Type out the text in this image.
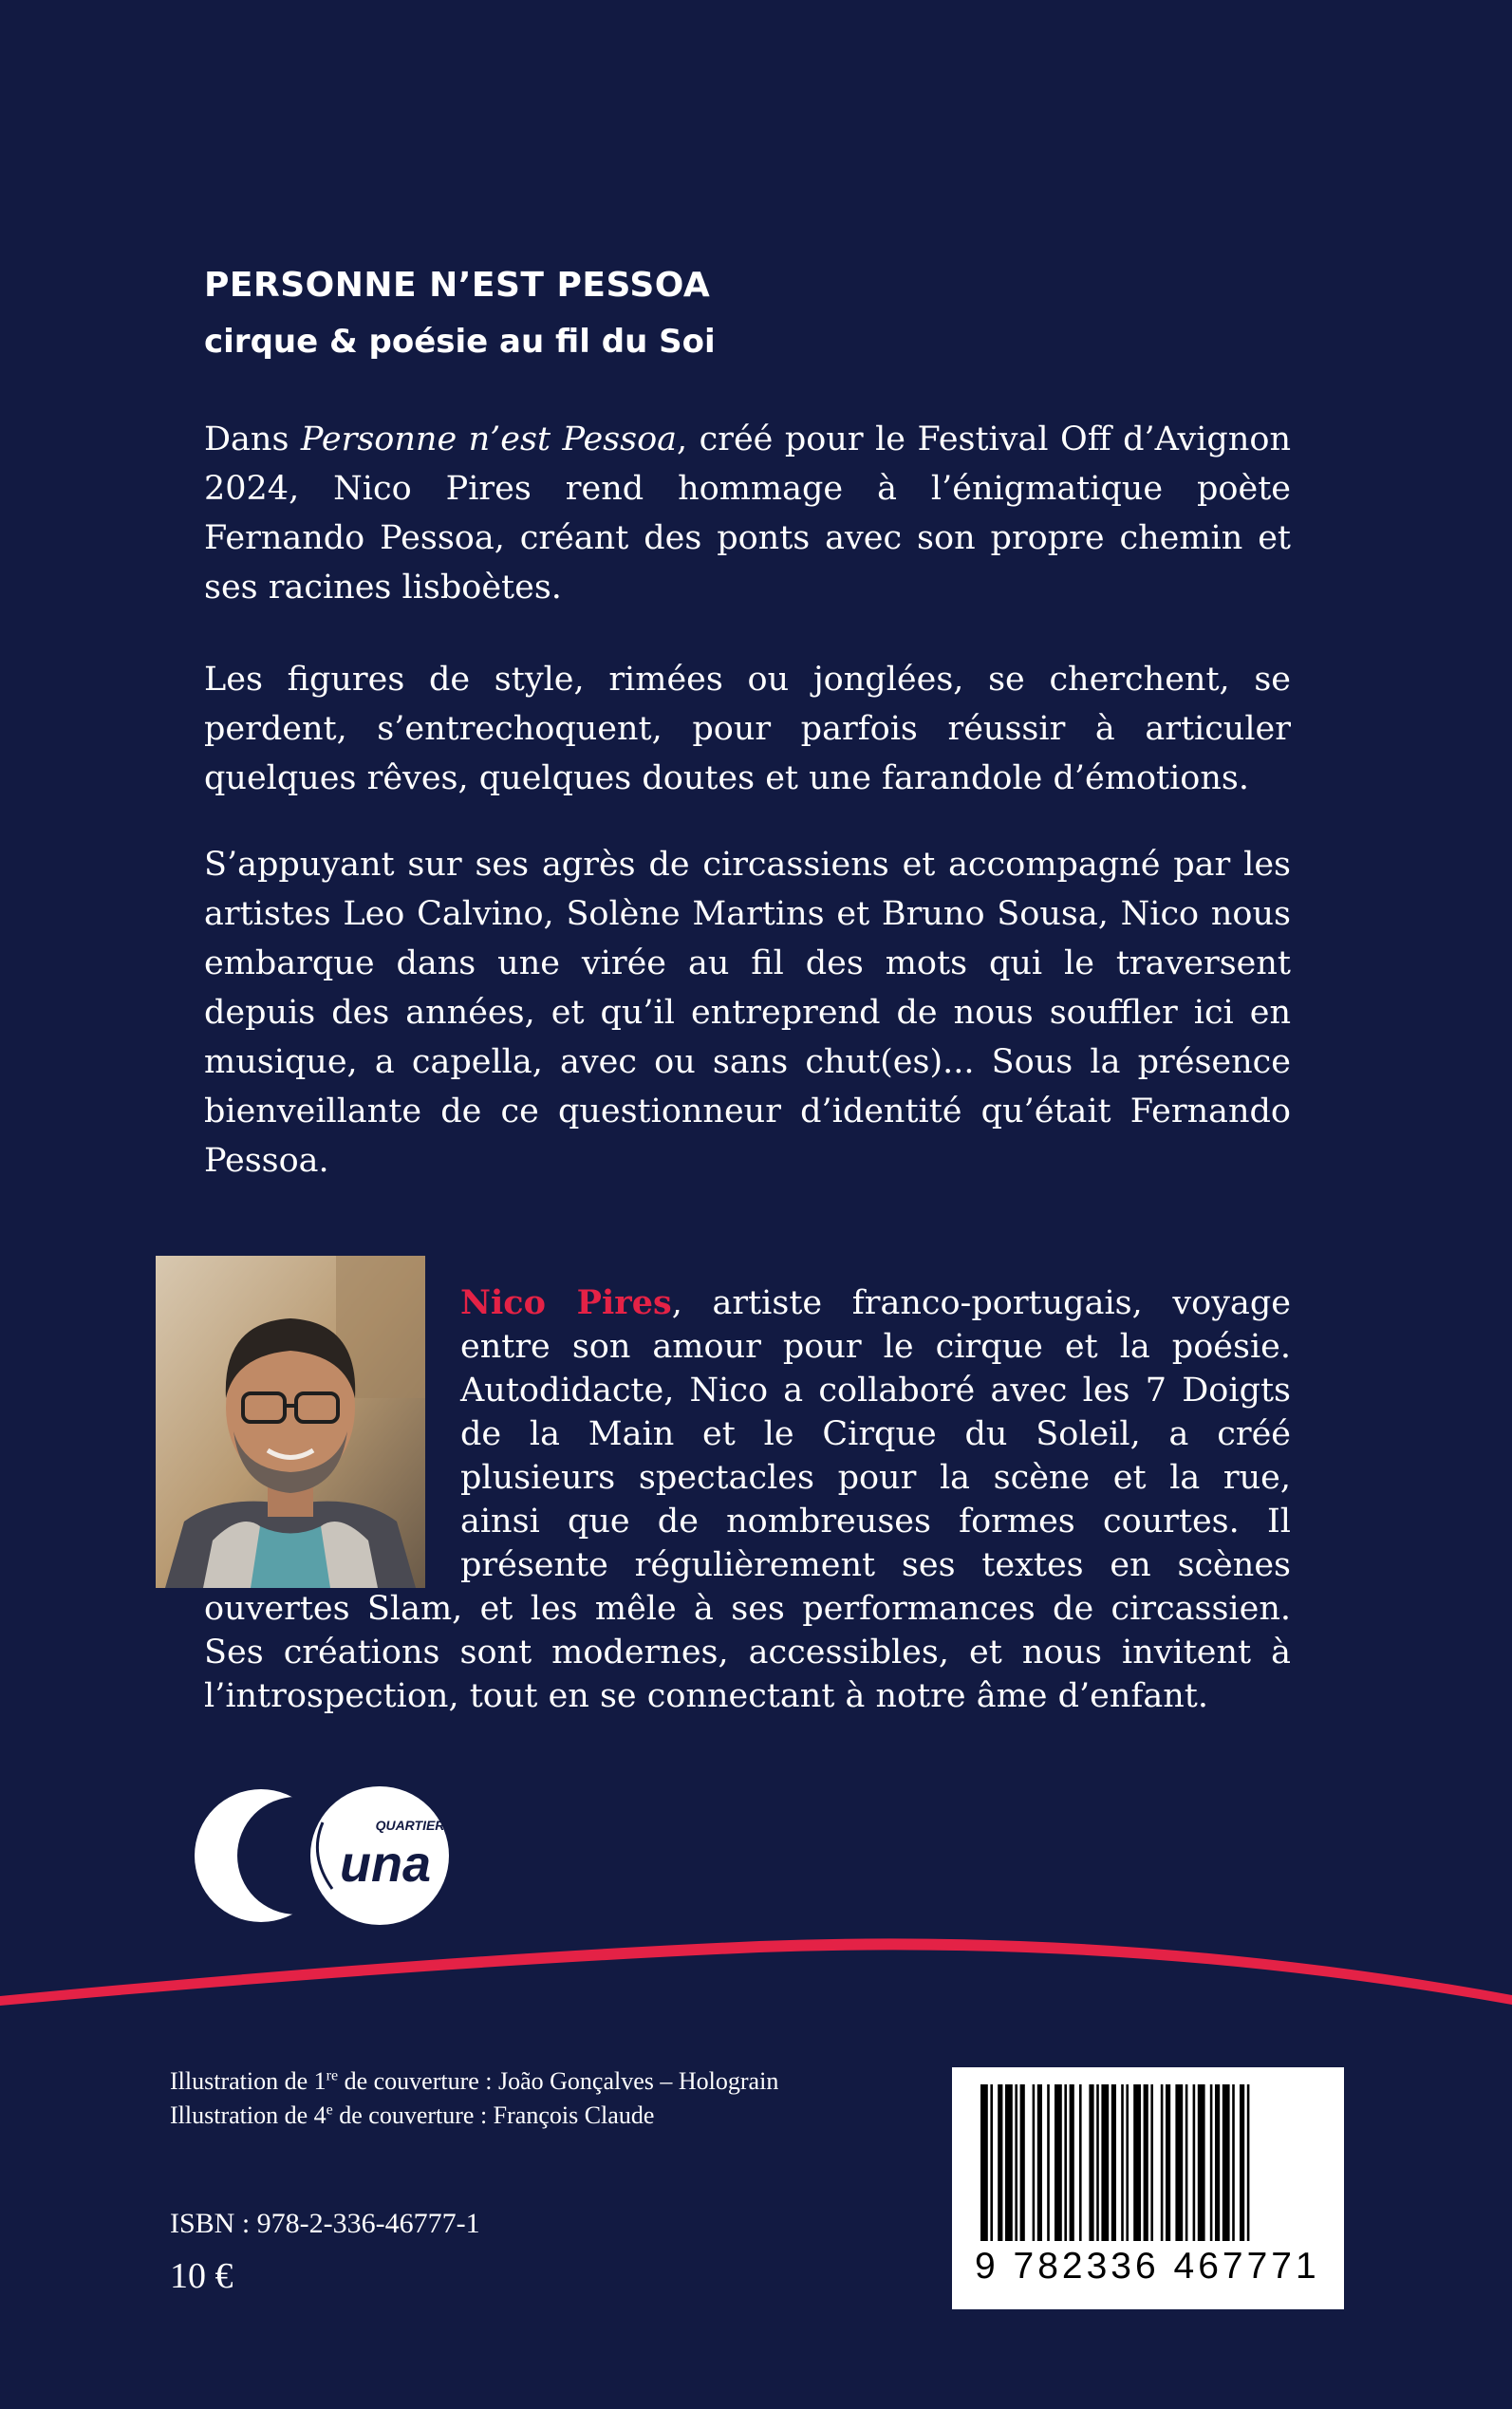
PERSONNE N’EST PESSOA
cirque & poésie au fil du Soi

Dans Personne n’est Pessoa, créé pour le Festival Off d’Avignon 2024, Nico Pires rend hommage à l’énigmatique poète Fernando Pessoa, créant des ponts avec son propre chemin et ses racines lisboètes.

Les figures de style, rimées ou jonglées, se cherchent, se perdent, s’entrechoquent, pour parfois réussir à articuler quelques rêves, quelques doutes et une farandole d’émotions.

S’appuyant sur ses agrès de circassiens et accompagné par les artistes Leo Calvino, Solène Martins et Bruno Sousa, Nico nous embarque dans une virée au fil des mots qui le traversent depuis des années, et qu’il entreprend de nous souffler ici en musique, a capella, avec ou sans chut(es)... Sous la présence bienveillante de ce questionneur d’identité qu’était Fernando Pessoa.

Nico Pires, artiste franco-portugais, voyage entre son amour pour le cirque et la poésie. Autodidacte, Nico a collaboré avec les 7 Doigts de la Main et le Cirque du Soleil, a créé plusieurs spectacles pour la scène et la rue, ainsi que de nombreuses formes courtes. Il présente régulièrement ses textes en scènes ouvertes Slam, et les mêle à ses performances de circassien. Ses créations sont modernes, accessibles, et nous invitent à l’introspection, tout en se connectant à notre âme d’enfant.

QUARTIER
una

Illustration de 1re de couverture : João Gonçalves – Holograin

Illustration de 4e de couverture : François Claude

ISBN : 978-2-336-46777-1

10 €	9 782336 467771
